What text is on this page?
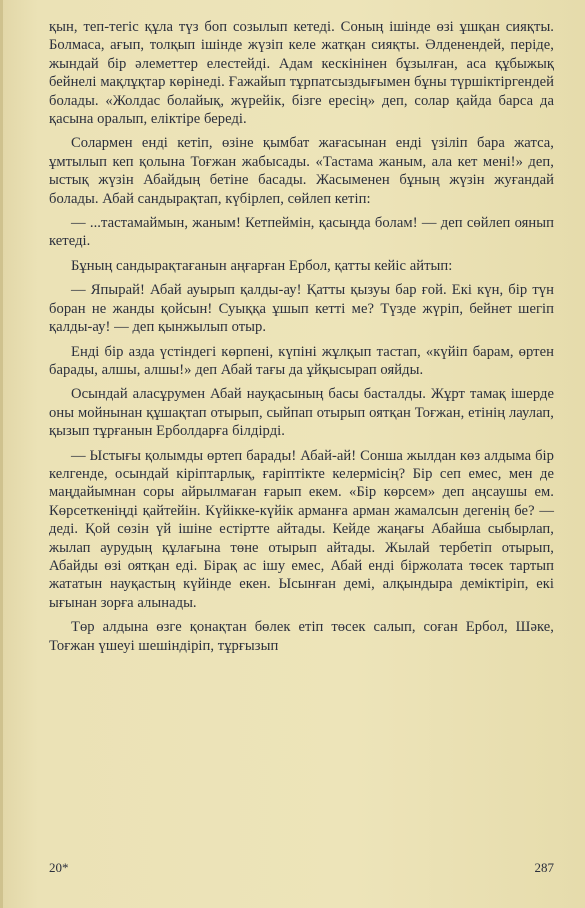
қын, теп-тегіс құла түз боп созылып кетеді. Соның ішінде өзі ұшқан сияқты. Болмаса, ағып, толқып ішінде жүзіп келе жатқан сияқты. Әлденендей, періде, жындай бір әлеметтер елестейді. Адам кескінінен бұзылған, аса құбыжық бейнелі мақлұқтар көрінеді. Ғажайып тұрпатсыздығымен бұны түршіктіргендей болады. «Жолдас болайық, жүрейік, бізге ересің» деп, солар қайда барса да қасына оралып, еліктіре береді.

Солармен енді кетіп, өзіне қымбат жағасынан енді үзіліп бара жатса, ұмтылып кеп қолына Тоғжан жабысады. «Тастама жаным, ала кет мені!» деп, ыстық жүзін Абайдың бетіне басады. Жасыменен бұның жүзін жуғандай болады. Абай сандырақтап, күбірлеп, сөйлеп кетіп:

— ...тастамаймын, жаным! Кетпеймін, қасыңда болам! — деп сөйлеп оянып кетеді.

Бұның сандырақтағанын аңғарған Ербол, қатты кейіс айтып:

— Япырай! Абай ауырып қалды-ау! Қатты қызуы бар ғой. Екі күн, бір түн боран не жанды қойсын! Суыққа ұшып кетті ме? Түзде жүріп, бейнет шегіп қалды-ау! — деп қынжылып отыр.

Енді бір азда үстіндегі көрпені, күпіні жұлқып тастап, «күйіп барам, өртен барады, алшы, алшы!» деп Абай тағы да ұйқысырап ояйды.

Осындай аласұрумен Абай науқасының басы басталды. Жұрт тамақ ішерде оны мойнынан құшақтап отырып, сыйпап отырып оятқан Тоғжан, етінің лаулап, қызып тұрғанын Ерболдарға білдірді.

— Ыстығы қолымды өртеп барады! Абай-ай! Сонша жылдан көз алдыма бір келгенде, осындай кіріптарлық, ғаріптікте келермісің? Бір сеп емес, мен де маңдайымнан соры айрылмаған ғарып екем. «Бір көрсем» деп аңсаушы ем. Көрсеткеніңді қайтейін. Күйікке-күйік арманға арман жамалсын дегенің бе? — деді. Қой сөзін үй ішіне естіртте айтады. Кейде жаңағы Абайша сыбырлап, жылап аурудың құлағына төне отырып айтады. Жылай тербетіп отырып, Абайды өзі оятқан еді. Бірақ ас ішу емес, Абай енді біржолата төсек тартып жататын науқастың күйінде екен. Ысынған демі, алқындыра деміктіріп, екі ығынан зорға алынады.

Төр алдына өзге қонақтан бөлек етіп төсек салып, соған Ербол, Шәке, Тоғжан үшеуі шешіндіріп, тұрғызып

20*	287
